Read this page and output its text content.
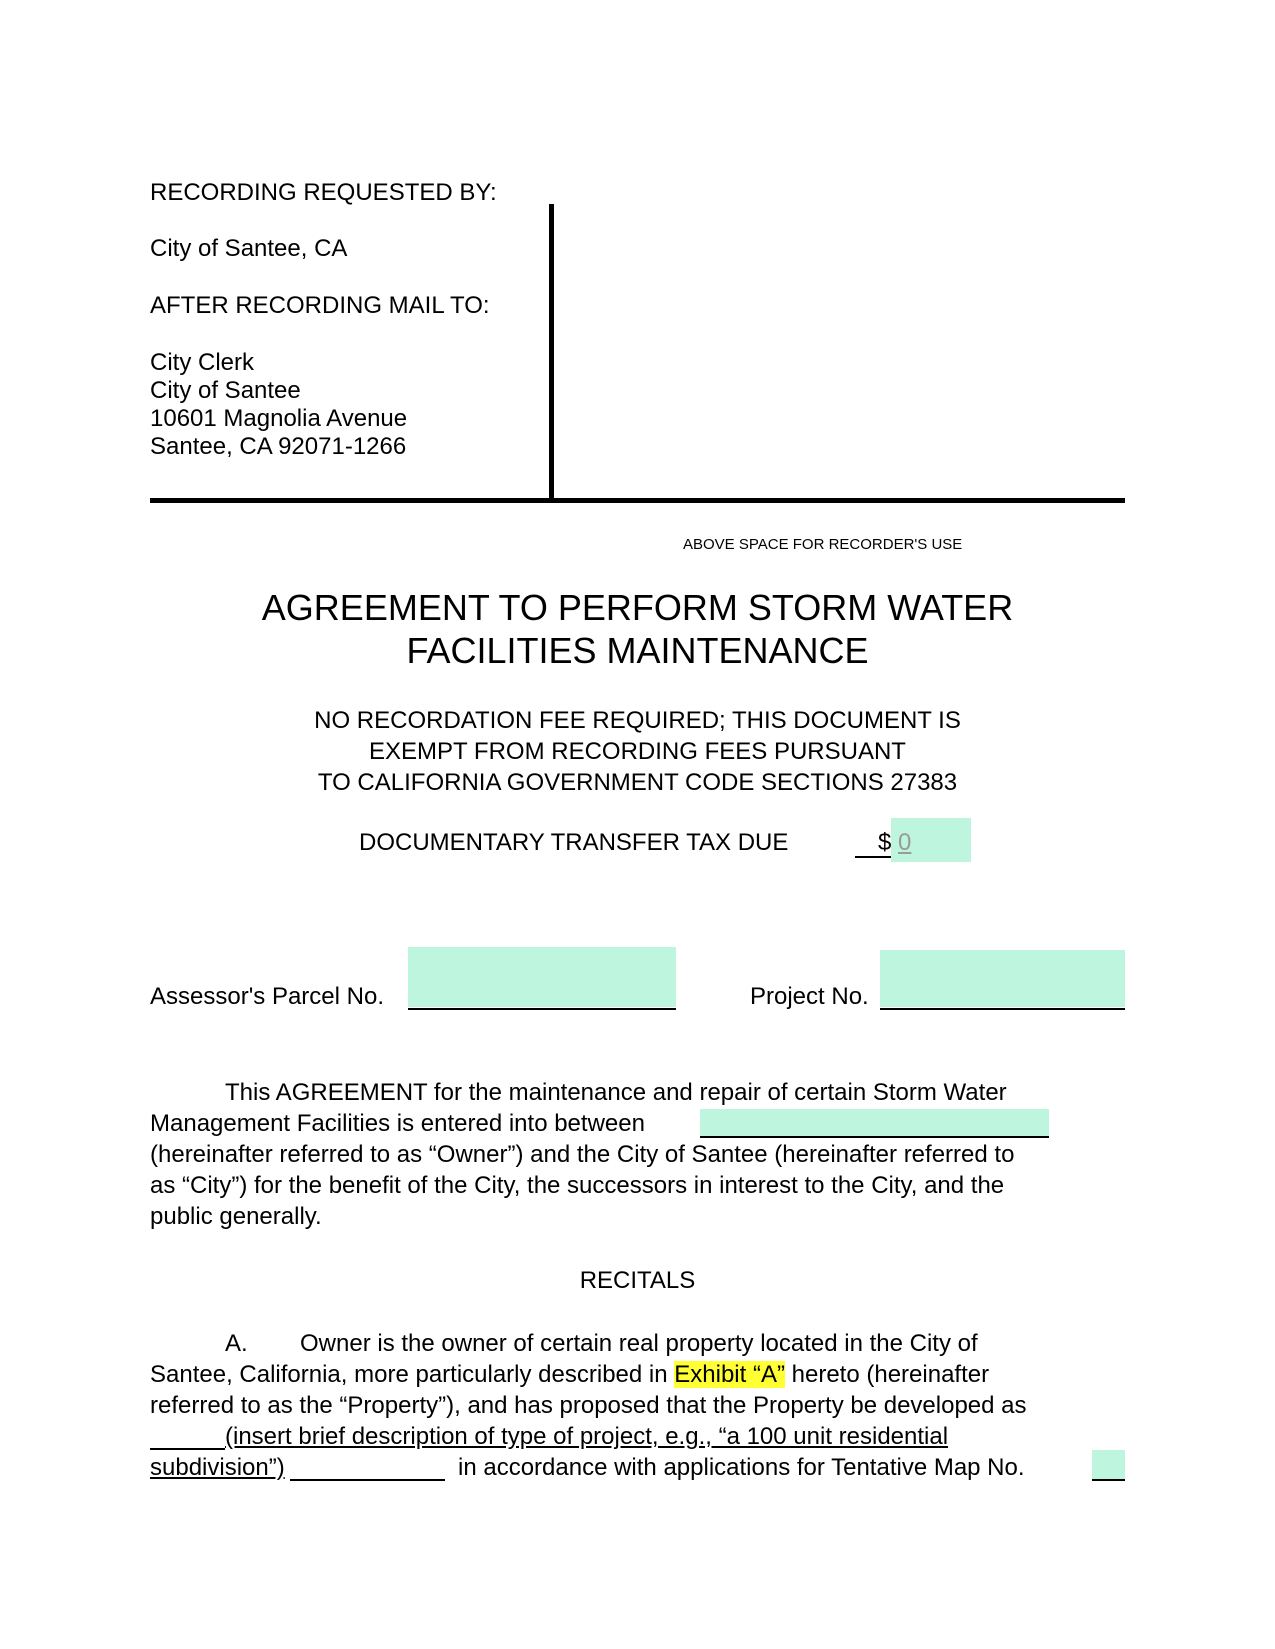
RECORDING REQUESTED BY:
City of Santee, CA
AFTER RECORDING MAIL TO:
City Clerk
City of Santee
10601 Magnolia Avenue
Santee, CA 92071-1266
ABOVE SPACE FOR RECORDER'S USE
AGREEMENT TO PERFORM STORM WATER
FACILITIES MAINTENANCE
NO RECORDATION FEE REQUIRED; THIS DOCUMENT IS
EXEMPT FROM RECORDING FEES PURSUANT
TO CALIFORNIA GOVERNMENT CODE SECTIONS 27383
DOCUMENTARY TRANSFER TAX DUE	$ 0
Assessor's Parcel No.	Project No.
This AGREEMENT for the maintenance and repair of certain Storm Water
Management Facilities is entered into between
(hereinafter referred to as “Owner”) and the City of Santee (hereinafter referred to
as “City”) for the benefit of the City, the successors in interest to the City, and the
public generally.
RECITALS
A. Owner is the owner of certain real property located in the City of

Santee, California, more particularly described in Exhibit “A” hereto (hereinafter
referred to as the “Property”), and has proposed that the Property be developed as
(insert brief description of type of project, e.g., “a 100 unit residential

subdivision”)	in accordance with applications for Tentative Map No.
